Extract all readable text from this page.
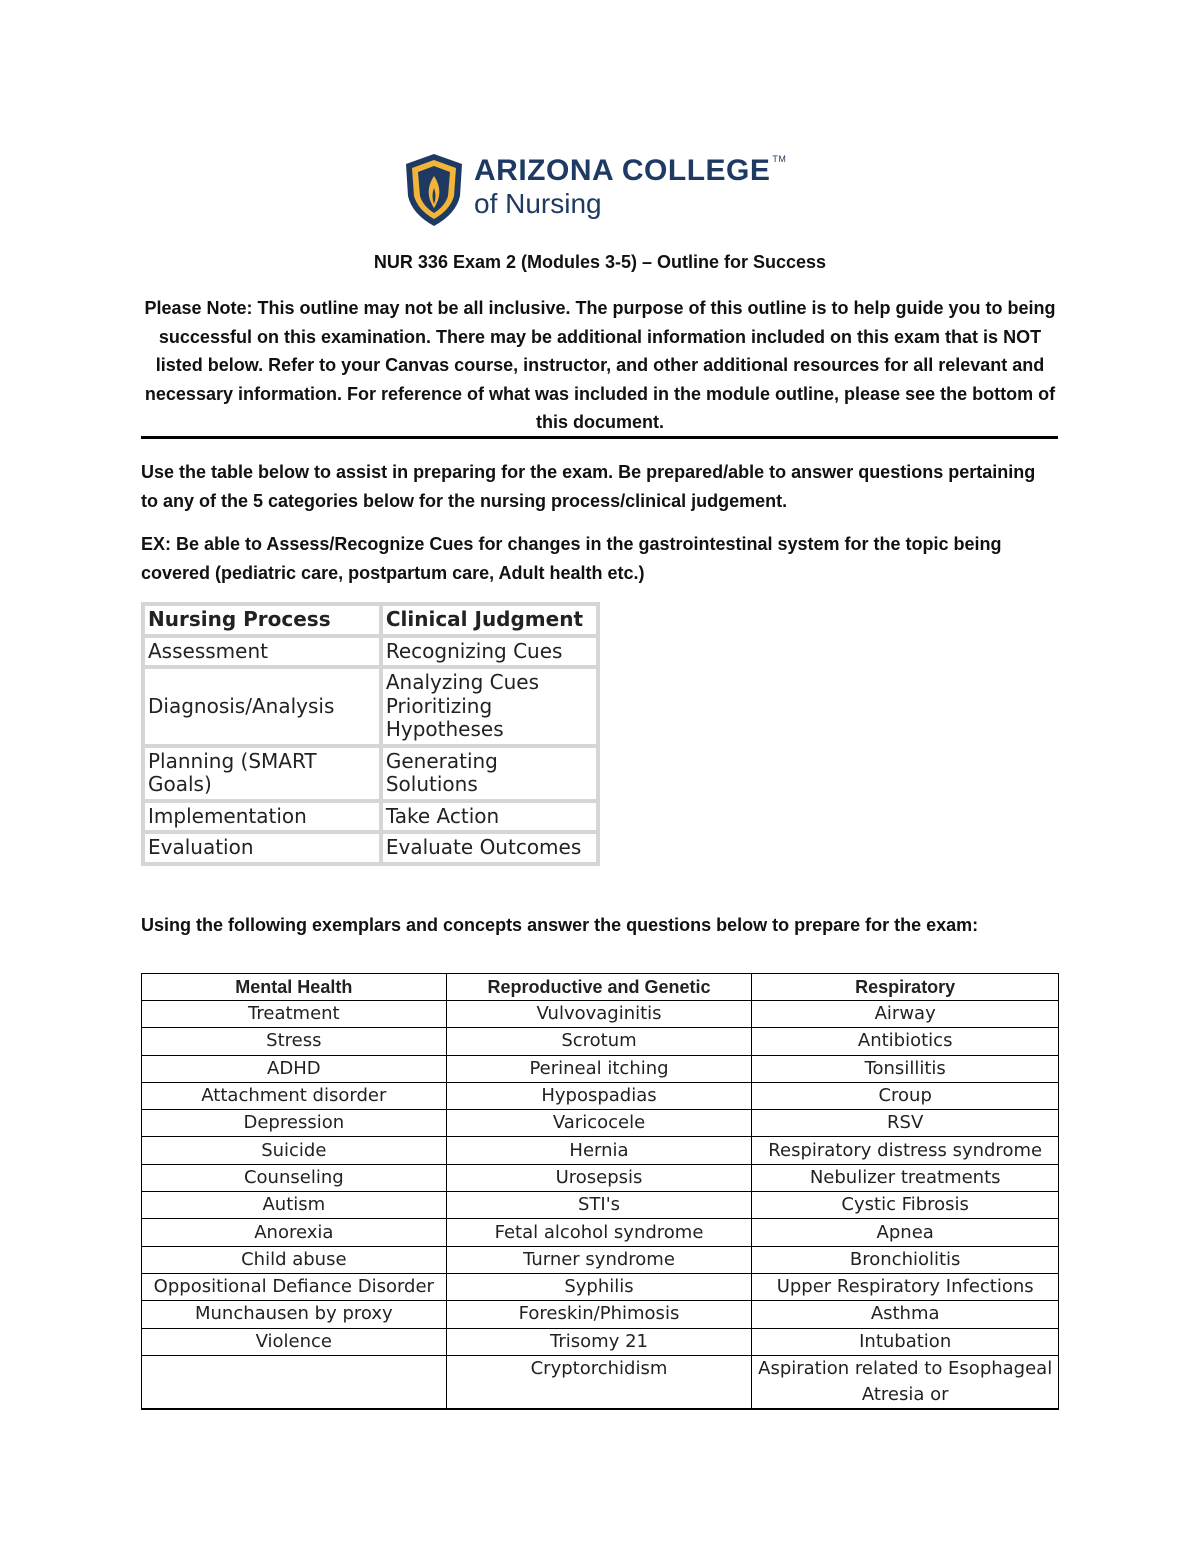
ARIZONA COLLEGE ™
of Nursing
NUR 336 Exam 2 (Modules 3-5) – Outline for Success

Please Note: This outline may not be all inclusive. The purpose of this outline is to help guide you to being successful on this examination. There may be additional information included on this exam that is NOT listed below. Refer to your Canvas course, instructor, and other additional resources for all relevant and necessary information. For reference of what was included in the module outline, please see the bottom of this document.

Use the table below to assist in preparing for the exam. Be prepared/able to answer questions pertaining to any of the 5 categories below for the nursing process/clinical judgement.

EX: Be able to Assess/Recognize Cues for changes in the gastrointestinal system for the topic being covered (pediatric care, postpartum care, Adult health etc.)

Nursing Process	Clinical Judgment
Assessment	Recognizing Cues
Diagnosis/Analysis	Analyzing Cues Prioritizing Hypotheses
Planning (SMART Goals)	Generating Solutions
Implementation	Take Action
Evaluation	Evaluate Outcomes

Using the following exemplars and concepts answer the questions below to prepare for the exam:

Mental Health	Reproductive and Genetic	Respiratory
Treatment	Vulvovaginitis	Airway
Stress	Scrotum	Antibiotics
ADHD	Perineal itching	Tonsillitis
Attachment disorder	Hypospadias	Croup
Depression	Varicocele	RSV
Suicide	Hernia	Respiratory distress syndrome
Counseling	Urosepsis	Nebulizer treatments
Autism	STI's	Cystic Fibrosis
Anorexia	Fetal alcohol syndrome	Apnea
Child abuse	Turner syndrome	Bronchiolitis
Oppositional Defiance Disorder	Syphilis	Upper Respiratory Infections
Munchausen by proxy	Foreskin/Phimosis	Asthma
Violence	Trisomy 21	Intubation
	Cryptorchidism	Aspiration related to Esophageal Atresia or
